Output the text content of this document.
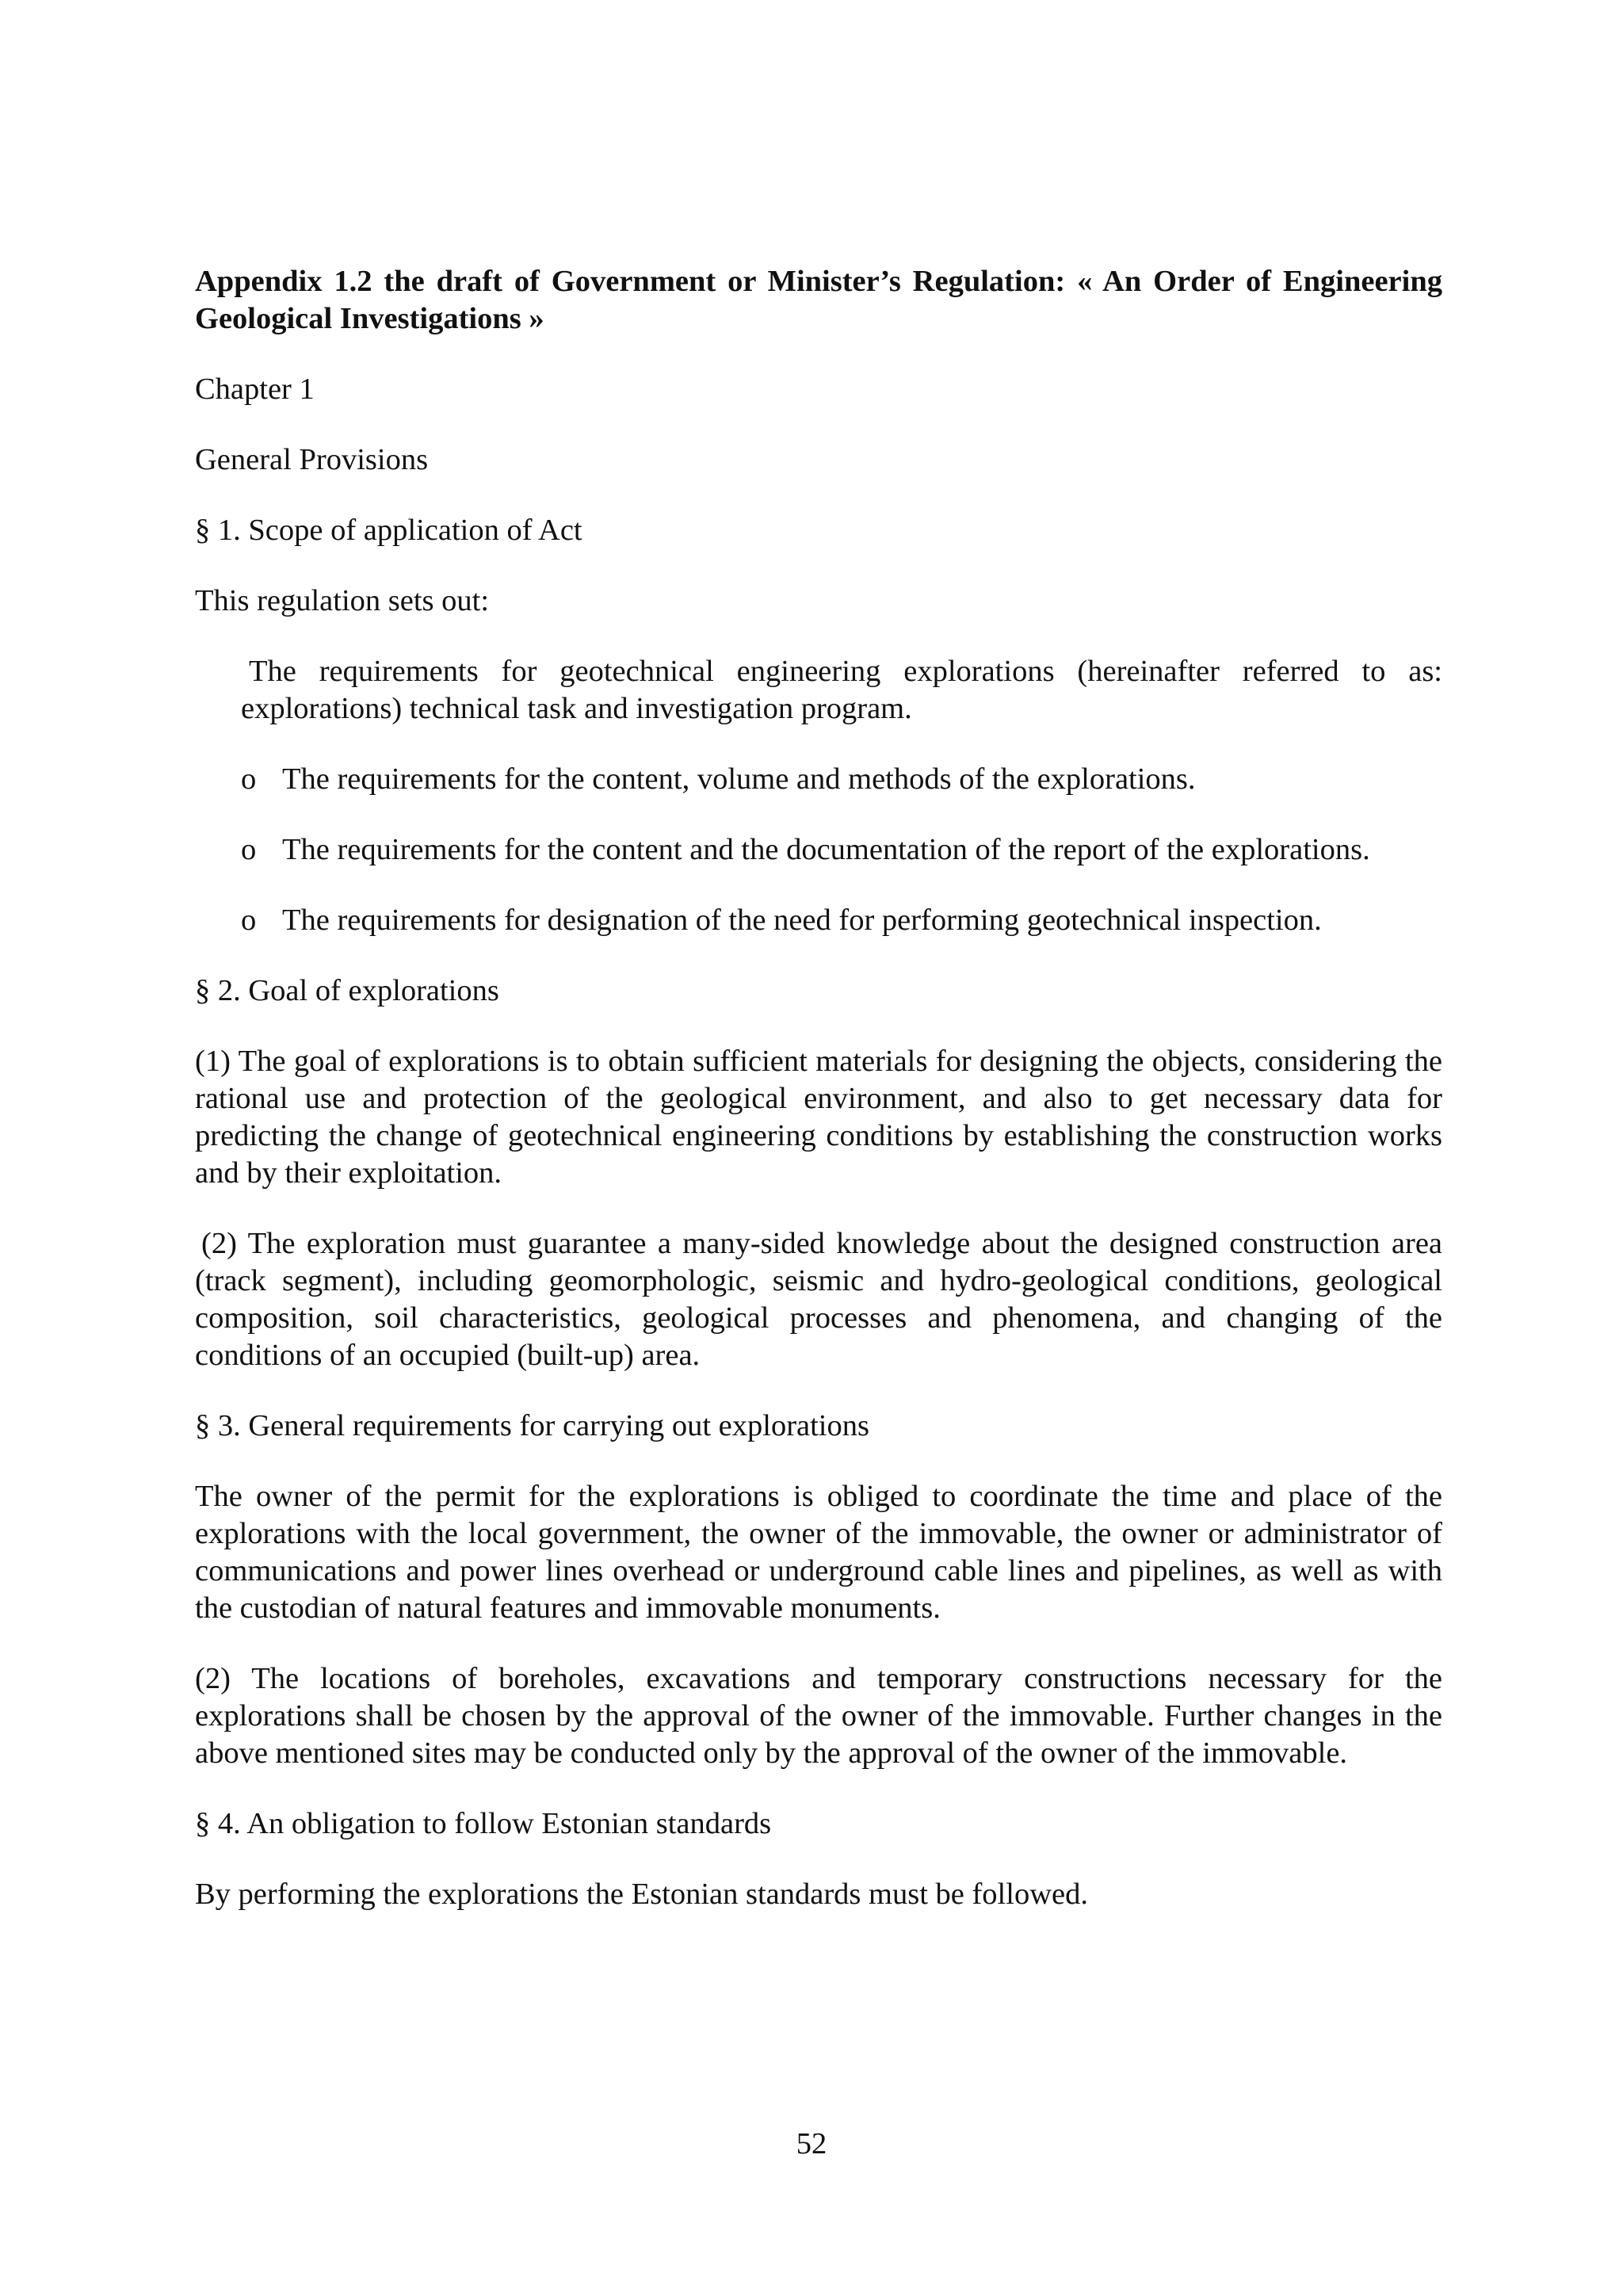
Appendix 1.2 the draft of Government or Minister’s Regulation: « An Order of Engineering Geological Investigations »

Chapter 1

General Provisions

§ 1. Scope of application of Act

This regulation sets out:

The requirements for geotechnical engineering explorations (hereinafter referred to as: explorations) technical task and investigation program.

o The requirements for the content, volume and methods of the explorations.
o The requirements for the content and the documentation of the report of the explorations.
o The requirements for designation of the need for performing geotechnical inspection.

§ 2. Goal of explorations

(1) The goal of explorations is to obtain sufficient materials for designing the objects, considering the rational use and protection of the geological environment, and also to get necessary data for predicting the change of geotechnical engineering conditions by establishing the construction works and by their exploitation.

(2) The exploration must guarantee a many-sided knowledge about the designed construction area (track segment), including geomorphologic, seismic and hydro-geological conditions, geological composition, soil characteristics, geological processes and phenomena, and changing of the conditions of an occupied (built-up) area.

§ 3. General requirements for carrying out explorations

The owner of the permit for the explorations is obliged to coordinate the time and place of the explorations with the local government, the owner of the immovable, the owner or administrator of communications and power lines overhead or underground cable lines and pipelines, as well as with the custodian of natural features and immovable monuments.

(2) The locations of boreholes, excavations and temporary constructions necessary for the explorations shall be chosen by the approval of the owner of the immovable. Further changes in the above mentioned sites may be conducted only by the approval of the owner of the immovable.

§ 4. An obligation to follow Estonian standards

By performing the explorations the Estonian standards must be followed.

52
